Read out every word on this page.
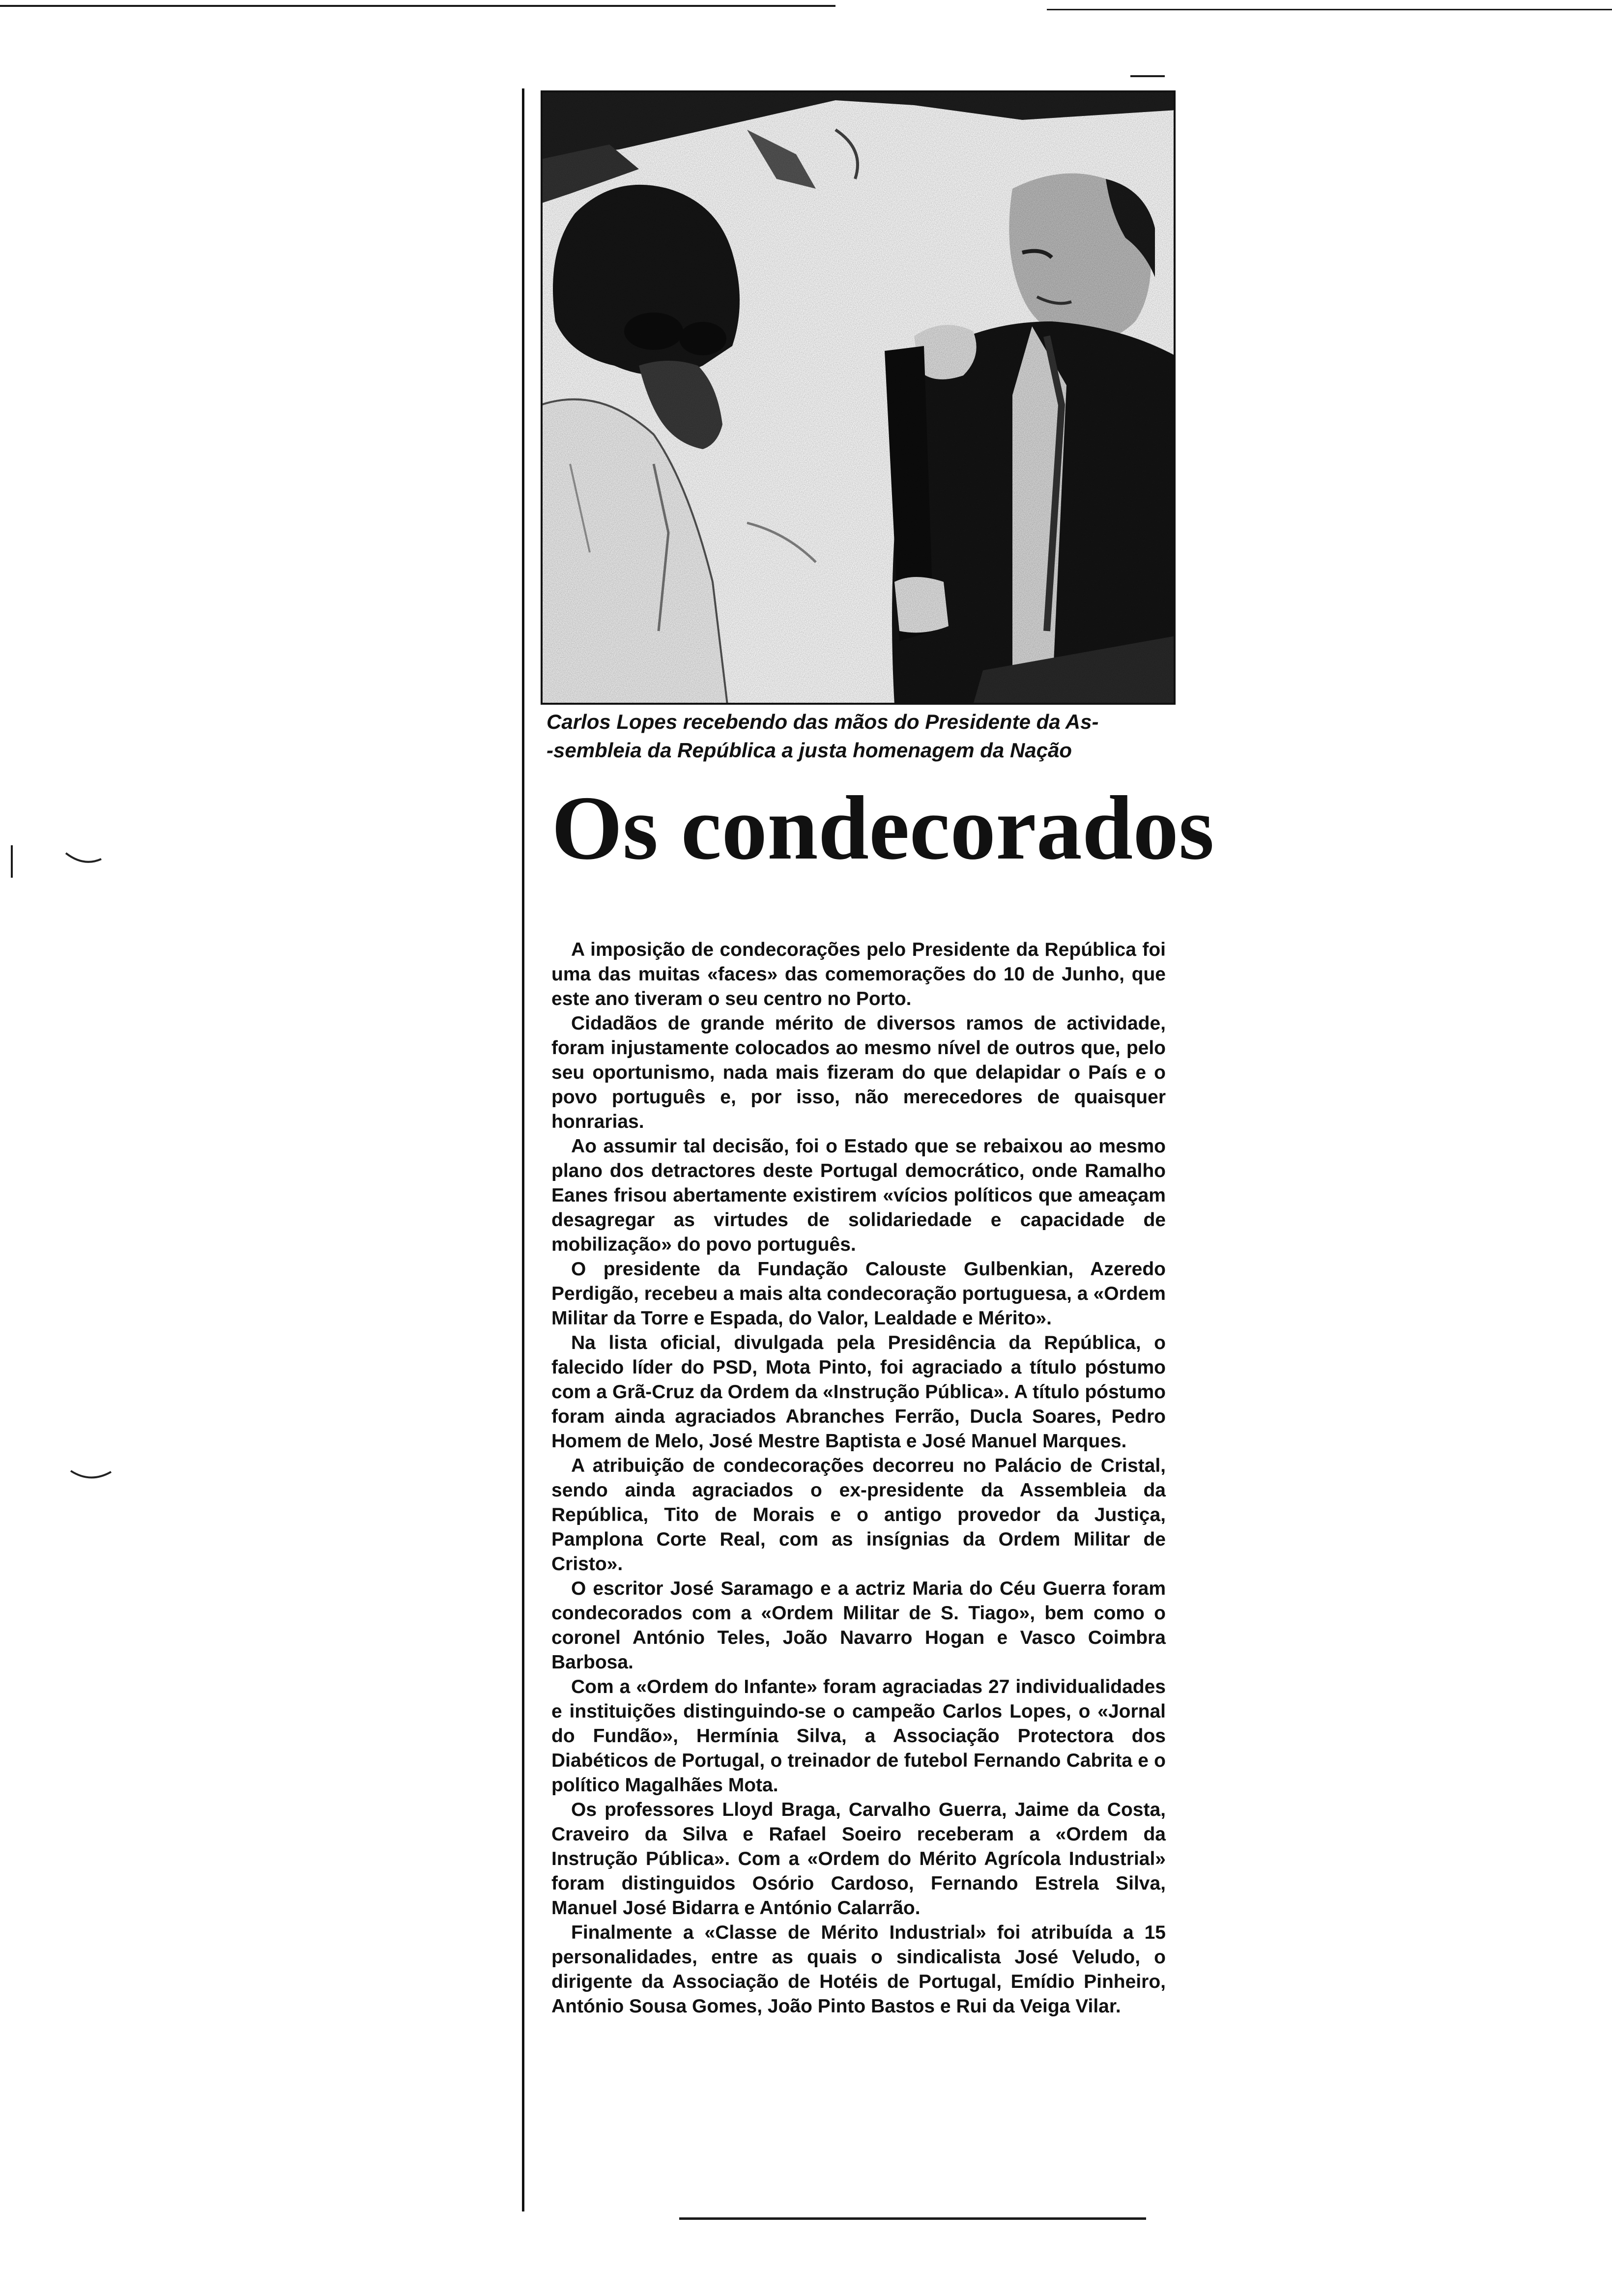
Carlos Lopes recebendo das mãos do Presidente da As-
-sembleia da República a justa homenagem da Nação
Os condecorados

A imposição de condecorações pelo Presidente da República foi uma das muitas «faces» das comemorações do 10 de Junho, que este ano tiveram o seu centro no Porto.

Cidadãos de grande mérito de diversos ramos de actividade, foram injustamente colocados ao mesmo nível de outros que, pelo seu oportunismo, nada mais fizeram do que delapidar o País e o povo português e, por isso, não merecedores de quaisquer honrarias.

Ao assumir tal decisão, foi o Estado que se rebaixou ao mesmo plano dos detractores deste Portugal democrático, onde Ramalho Eanes frisou abertamente existirem «vícios políticos que ameaçam desagregar as virtudes de solidariedade e capacidade de mobilização» do povo português.

O presidente da Fundação Calouste Gulbenkian, Azeredo Perdigão, recebeu a mais alta condecoração portuguesa, a «Ordem Militar da Torre e Espada, do Valor, Lealdade e Mérito».

Na lista oficial, divulgada pela Presidência da República, o falecido líder do PSD, Mota Pinto, foi agraciado a título póstumo com a Grã-Cruz da Ordem da «Instrução Pública». A título póstumo foram ainda agraciados Abranches Ferrão, Ducla Soares, Pedro Homem de Melo, José Mestre Baptista e José Manuel Marques.

A atribuição de condecorações decorreu no Palácio de Cristal, sendo ainda agraciados o ex-presidente da Assembleia da República, Tito de Morais e o antigo provedor da Justiça, Pamplona Corte Real, com as insígnias da Ordem Militar de Cristo».

O escritor José Saramago e a actriz Maria do Céu Guerra foram condecorados com a «Ordem Militar de S. Tiago», bem como o coronel António Teles, João Navarro Hogan e Vasco Coimbra Barbosa.

Com a «Ordem do Infante» foram agraciadas 27 individualidades e instituições distinguindo-se o campeão Carlos Lopes, o «Jornal do Fundão», Hermínia Silva, a Associação Protectora dos Diabéticos de Portugal, o treinador de futebol Fernando Cabrita e o político Magalhães Mota.

Os professores Lloyd Braga, Carvalho Guerra, Jaime da Costa, Craveiro da Silva e Rafael Soeiro receberam a «Ordem da Instrução Pública». Com a «Ordem do Mérito Agrícola Industrial» foram distinguidos Osório Cardoso, Fernando Estrela Silva, Manuel José Bidarra e António Calarrão.

Finalmente a «Classe de Mérito Industrial» foi atribuída a 15 personalidades, entre as quais o sindicalista José Veludo, o dirigente da Associação de Hotéis de Portugal, Emídio Pinheiro, António Sousa Gomes, João Pinto Bastos e Rui da Veiga Vilar.
